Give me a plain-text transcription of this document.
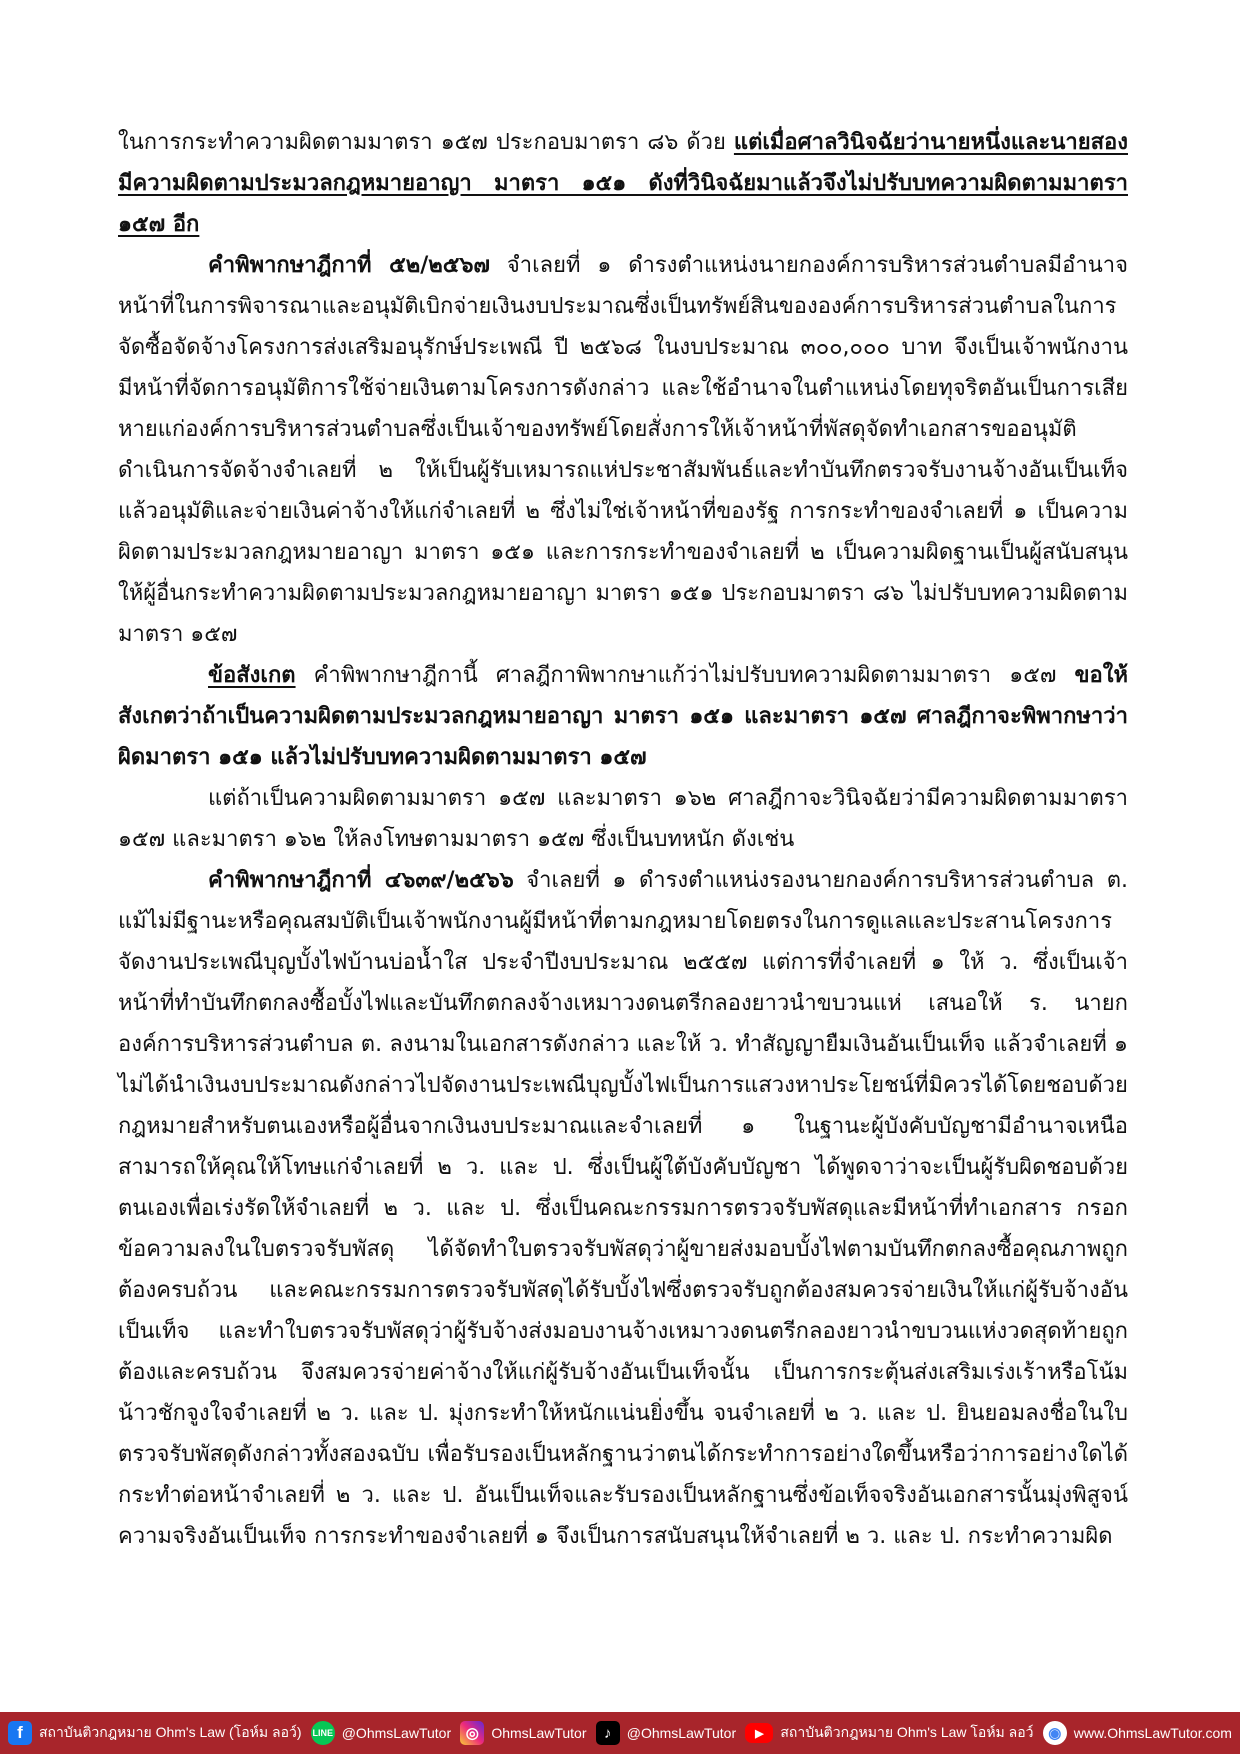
ในการกระทำความผิดตามมาตรา ๑๕๗ ประกอบมาตรา ๘๖ ด้วย แต่เมื่อศาลวินิจฉัยว่านายหนึ่งและนายสองมีความผิดตามประมวลกฎหมายอาญา มาตรา ๑๕๑ ดังที่วินิจฉัยมาแล้วจึงไม่ปรับบทความผิดตามมาตรา ๑๕๗ อีก

คำพิพากษาฎีกาที่ ๕๒/๒๕๖๗ จำเลยที่ ๑ ดำรงตำแหน่งนายกองค์การบริหารส่วนตำบลมีอำนาจหน้าที่ในการพิจารณาและอนุมัติเบิกจ่ายเงินงบประมาณซึ่งเป็นทรัพย์สินขององค์การบริหารส่วนตำบลในการจัดซื้อจัดจ้างโครงการส่งเสริมอนุรักษ์ประเพณี ปี ๒๕๖๘ ในงบประมาณ ๓๐๐,๐๐๐ บาท จึงเป็นเจ้าพนักงานมีหน้าที่จัดการอนุมัติการใช้จ่ายเงินตามโครงการดังกล่าว และใช้อำนาจในตำแหน่งโดยทุจริตอันเป็นการเสียหายแก่องค์การบริหารส่วนตำบลซึ่งเป็นเจ้าของทรัพย์โดยสั่งการให้เจ้าหน้าที่พัสดุจัดทำเอกสารขออนุมัติดำเนินการจัดจ้างจำเลยที่ ๒ ให้เป็นผู้รับเหมารถแห่ประชาสัมพันธ์และทำบันทึกตรวจรับงานจ้างอันเป็นเท็จ แล้วอนุมัติและจ่ายเงินค่าจ้างให้แก่จำเลยที่ ๒ ซึ่งไม่ใช่เจ้าหน้าที่ของรัฐ การกระทำของจำเลยที่ ๑ เป็นความผิดตามประมวลกฎหมายอาญา มาตรา ๑๕๑ และการกระทำของจำเลยที่ ๒ เป็นความผิดฐานเป็นผู้สนับสนุนให้ผู้อื่นกระทำความผิดตามประมวลกฎหมายอาญา มาตรา ๑๕๑ ประกอบมาตรา ๘๖ ไม่ปรับบทความผิดตามมาตรา ๑๕๗

ข้อสังเกต คำพิพากษาฎีกานี้ ศาลฎีกาพิพากษาแก้ว่าไม่ปรับบทความผิดตามมาตรา ๑๕๗ ขอให้สังเกตว่าถ้าเป็นความผิดตามประมวลกฎหมายอาญา มาตรา ๑๕๑ และมาตรา ๑๕๗ ศาลฎีกาจะพิพากษาว่าผิดมาตรา ๑๕๑ แล้วไม่ปรับบทความผิดตามมาตรา ๑๕๗

แต่ถ้าเป็นความผิดตามมาตรา ๑๕๗ และมาตรา ๑๖๒ ศาลฎีกาจะวินิจฉัยว่ามีความผิดตามมาตรา ๑๕๗ และมาตรา ๑๖๒ ให้ลงโทษตามมาตรา ๑๕๗ ซึ่งเป็นบทหนัก ดังเช่น

คำพิพากษาฎีกาที่ ๔๖๓๙/๒๕๖๖ จำเลยที่ ๑ ดำรงตำแหน่งรองนายกองค์การบริหารส่วนตำบล ต. แม้ไม่มีฐานะหรือคุณสมบัติเป็นเจ้าพนักงานผู้มีหน้าที่ตามกฎหมายโดยตรงในการดูแลและประสานโครงการจัดงานประเพณีบุญบั้งไฟบ้านบ่อน้ำใส ประจำปีงบประมาณ ๒๕๕๗ แต่การที่จำเลยที่ ๑ ให้ ว. ซึ่งเป็นเจ้าหน้าที่ทำบันทึกตกลงซื้อบั้งไฟและบันทึกตกลงจ้างเหมาวงดนตรีกลองยาวนำขบวนแห่ เสนอให้ ร. นายกองค์การบริหารส่วนตำบล ต. ลงนามในเอกสารดังกล่าว และให้ ว. ทำสัญญายืมเงินอันเป็นเท็จ แล้วจำเลยที่ ๑ ไม่ได้นำเงินงบประมาณดังกล่าวไปจัดงานประเพณีบุญบั้งไฟเป็นการแสวงหาประโยชน์ที่มิควรได้โดยชอบด้วยกฎหมายสำหรับตนเองหรือผู้อื่นจากเงินงบประมาณและจำเลยที่ ๑ ในฐานะผู้บังคับบัญชามีอำนาจเหนือสามารถให้คุณให้โทษแก่จำเลยที่ ๒ ว. และ ป. ซึ่งเป็นผู้ใต้บังคับบัญชา ได้พูดจาว่าจะเป็นผู้รับผิดชอบด้วยตนเองเพื่อเร่งรัดให้จำเลยที่ ๒ ว. และ ป. ซึ่งเป็นคณะกรรมการตรวจรับพัสดุและมีหน้าที่ทำเอกสาร กรอกข้อความลงในใบตรวจรับพัสดุ ได้จัดทำใบตรวจรับพัสดุว่าผู้ขายส่งมอบบั้งไฟตามบันทึกตกลงซื้อคุณภาพถูกต้องครบถ้วน และคณะกรรมการตรวจรับพัสดุได้รับบั้งไฟซึ่งตรวจรับถูกต้องสมควรจ่ายเงินให้แก่ผู้รับจ้างอันเป็นเท็จ และทำใบตรวจรับพัสดุว่าผู้รับจ้างส่งมอบงานจ้างเหมาวงดนตรีกลองยาวนำขบวนแห่งวดสุดท้ายถูกต้องและครบถ้วน จึงสมควรจ่ายค่าจ้างให้แก่ผู้รับจ้างอันเป็นเท็จนั้น เป็นการกระตุ้นส่งเสริมเร่งเร้าหรือโน้มน้าวชักจูงใจจำเลยที่ ๒ ว. และ ป. มุ่งกระทำให้หนักแน่นยิ่งขึ้น จนจำเลยที่ ๒ ว. และ ป. ยินยอมลงชื่อในใบตรวจรับพัสดุดังกล่าวทั้งสองฉบับ เพื่อรับรองเป็นหลักฐานว่าตนได้กระทำการอย่างใดขึ้นหรือว่าการอย่างใดได้กระทำต่อหน้าจำเลยที่ ๒ ว. และ ป. อันเป็นเท็จและรับรองเป็นหลักฐานซึ่งข้อเท็จจริงอันเอกสารนั้นมุ่งพิสูจน์ความจริงอันเป็นเท็จ การกระทำของจำเลยที่ ๑ จึงเป็นการสนับสนุนให้จำเลยที่ ๒ ว. และ ป. กระทำความผิด

f	สถาบันติวกฎหมาย Ohm's Law (โอห์ม ลอว์) LINE @OhmsLawTutor ◎ OhmsLawTutor	♪	@OhmsLawTutor	▶	สถาบันติวกฎหมาย Ohm's Law โอห์ม ลอว์ ◉ www.OhmsLawTutor.com
